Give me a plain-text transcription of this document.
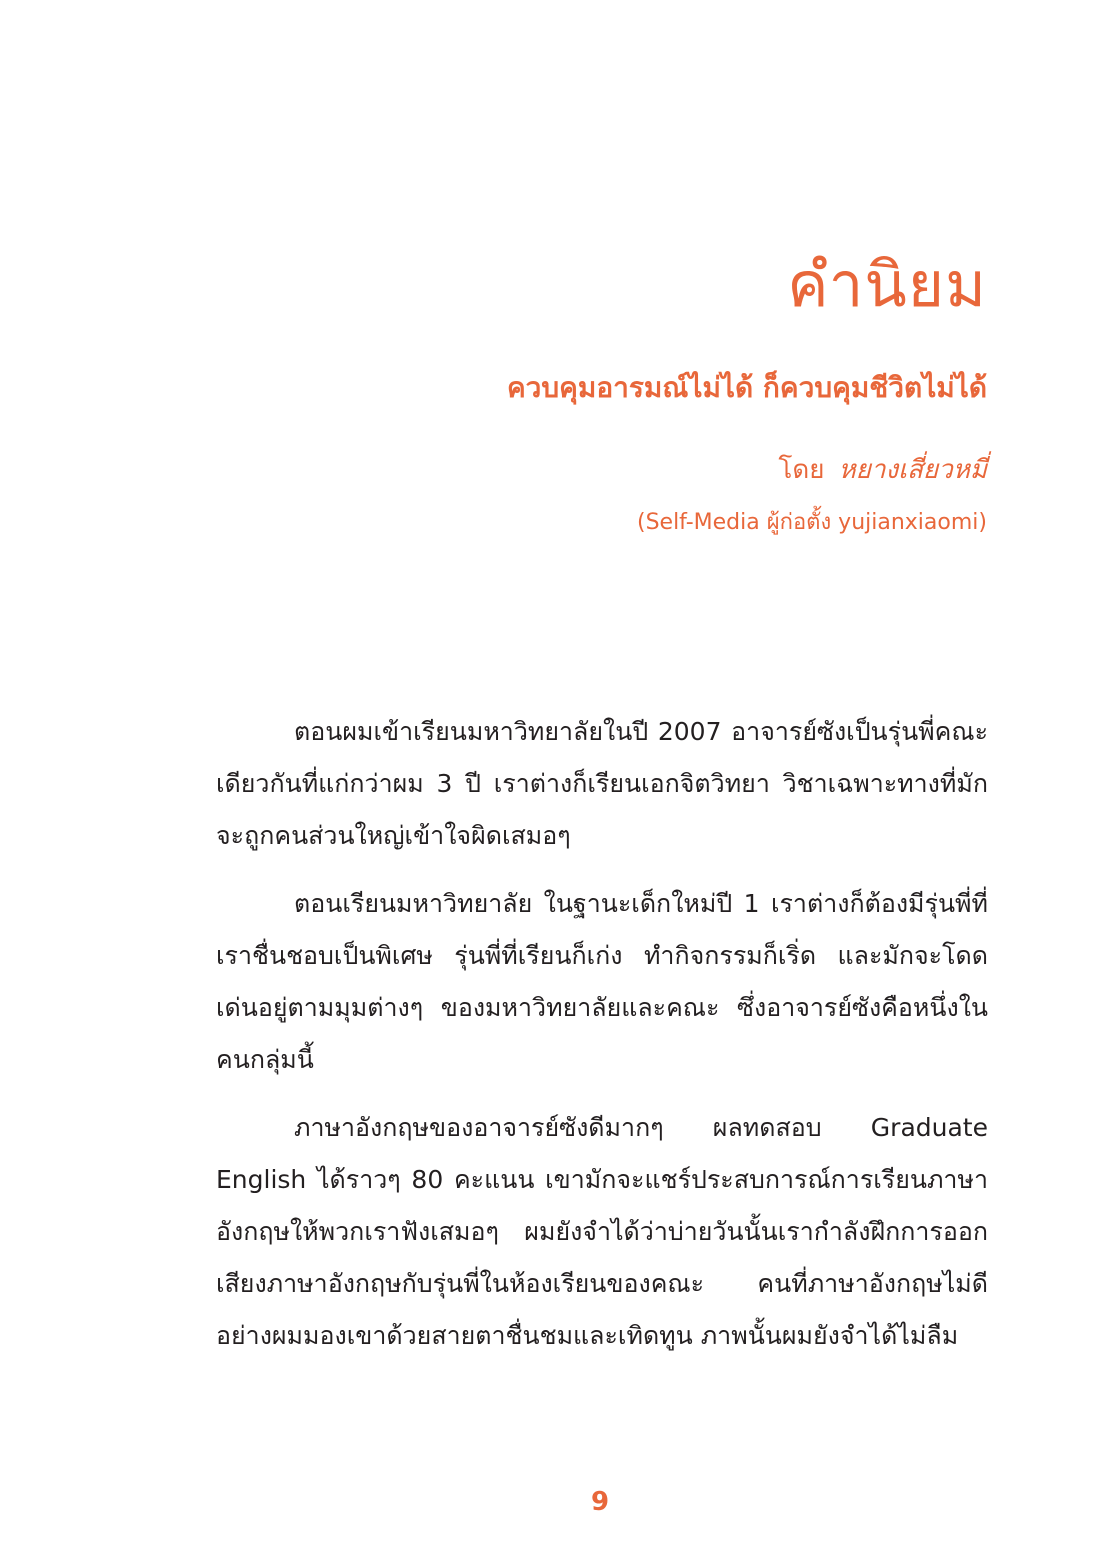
คำนิยม
ควบคุมอารมณ์ไม่ได้ ก็ควบคุมชีวิตไม่ได้
โดย หยางเสี่ยวหมี่
(Self-Media ผู้ก่อตั้ง yujianxiaomi)

ตอนผมเข้าเรียนมหาวิทยาลัยในปี 2007 อาจารย์ซังเป็นรุ่นพี่คณะเดียวกันที่แก่กว่าผม 3 ปี เราต่างก็เรียนเอกจิตวิทยา วิชาเฉพาะทางที่มักจะถูกคนส่วนใหญ่เข้าใจผิดเสมอๆ

ตอนเรียนมหาวิทยาลัย ในฐานะเด็กใหม่ปี 1 เราต่างก็ต้องมีรุ่นพี่ที่เราชื่นชอบเป็นพิเศษ รุ่นพี่ที่เรียนก็เก่ง ทำกิจกรรมก็เริ่ด และมักจะโดดเด่นอยู่ตามมุมต่างๆ ของมหาวิทยาลัยและคณะ ซึ่งอาจารย์ซังคือหนึ่งในคนกลุ่มนี้

ภาษาอังกฤษของอาจารย์ซังดีมากๆ ผลทดสอบ Graduate English ได้ราวๆ 80 คะแนน เขามักจะแชร์ประสบการณ์การเรียนภาษาอังกฤษให้พวกเราฟังเสมอๆ ผมยังจำได้ว่าบ่ายวันนั้นเรากำลังฝึกการออกเสียงภาษาอังกฤษกับรุ่นพี่ในห้องเรียนของคณะ คนที่ภาษาอังกฤษไม่ดีอย่างผมมองเขาด้วยสายตาชื่นชมและเทิดทูน ภาพนั้นผมยังจำได้ไม่ลืม

9
